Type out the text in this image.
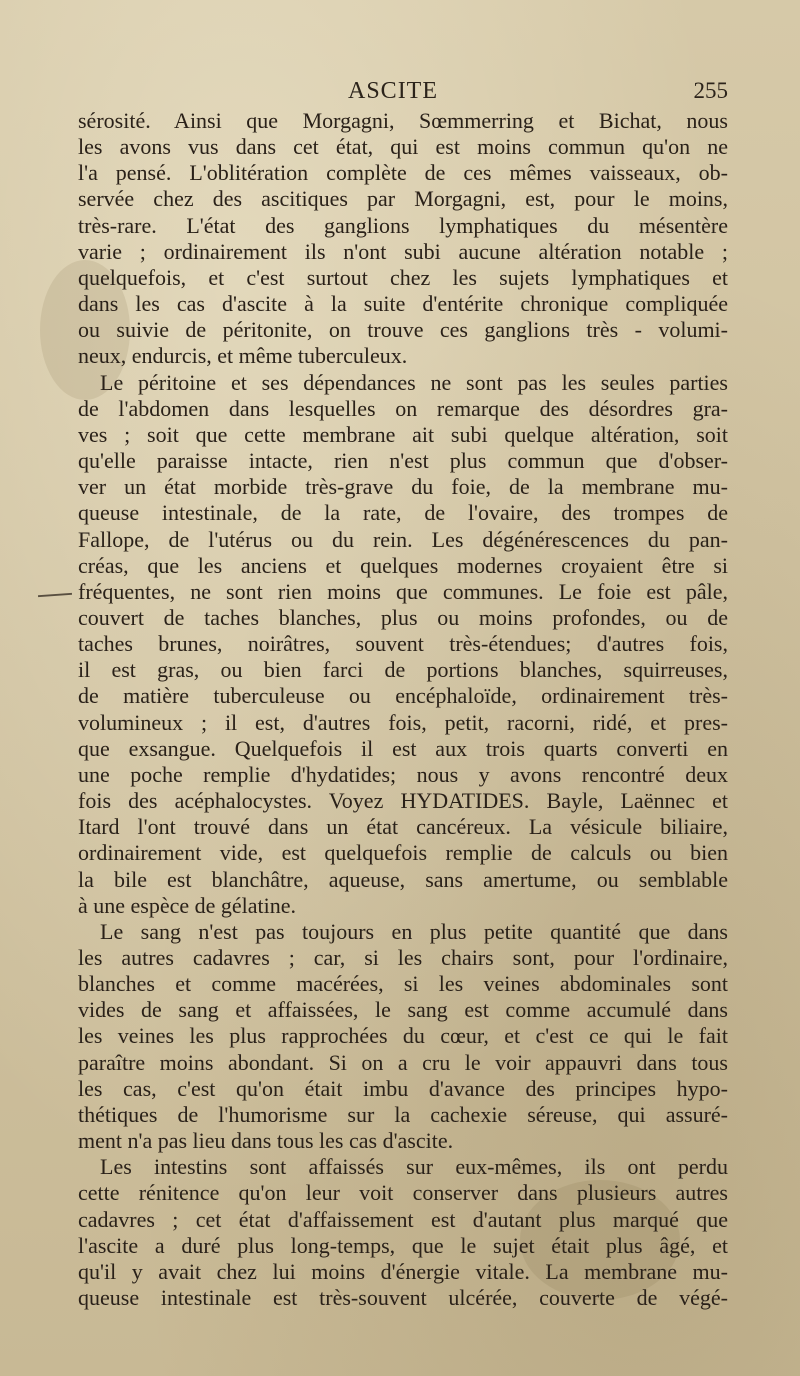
ASCITE	255
sérosité. Ainsi que Morgagni, Sœmmerring et Bichat, nous
les avons vus dans cet état, qui est moins commun qu'on ne
l'a pensé. L'oblitération complète de ces mêmes vaisseaux, ob-
servée chez des ascitiques par Morgagni, est, pour le moins,
très-rare. L'état des ganglions lymphatiques du mésentère
varie ; ordinairement ils n'ont subi aucune altération notable ;
quelquefois, et c'est surtout chez les sujets lymphatiques et
dans les cas d'ascite à la suite d'entérite chronique compliquée
ou suivie de péritonite, on trouve ces ganglions très - volumi-
neux, endurcis, et même tuberculeux.
Le péritoine et ses dépendances ne sont pas les seules parties
de l'abdomen dans lesquelles on remarque des désordres gra-
ves ; soit que cette membrane ait subi quelque altération, soit
qu'elle paraisse intacte, rien n'est plus commun que d'obser-
ver un état morbide très-grave du foie, de la membrane mu-
queuse intestinale, de la rate, de l'ovaire, des trompes de
Fallope, de l'utérus ou du rein. Les dégénérescences du pan-
créas, que les anciens et quelques modernes croyaient être si
fréquentes, ne sont rien moins que communes. Le foie est pâle,
couvert de taches blanches, plus ou moins profondes, ou de
taches brunes, noirâtres, souvent très-étendues; d'autres fois,
il est gras, ou bien farci de portions blanches, squirreuses,
de matière tuberculeuse ou encéphaloïde, ordinairement très-
volumineux ; il est, d'autres fois, petit, racorni, ridé, et pres-
que exsangue. Quelquefois il est aux trois quarts converti en
une poche remplie d'hydatides; nous y avons rencontré deux
fois des acéphalocystes. Voyez HYDATIDES. Bayle, Laënnec et
Itard l'ont trouvé dans un état cancéreux. La vésicule biliaire,
ordinairement vide, est quelquefois remplie de calculs ou bien
la bile est blanchâtre, aqueuse, sans amertume, ou semblable
à une espèce de gélatine.
Le sang n'est pas toujours en plus petite quantité que dans
les autres cadavres ; car, si les chairs sont, pour l'ordinaire,
blanches et comme macérées, si les veines abdominales sont
vides de sang et affaissées, le sang est comme accumulé dans
les veines les plus rapprochées du cœur, et c'est ce qui le fait
paraître moins abondant. Si on a cru le voir appauvri dans tous
les cas, c'est qu'on était imbu d'avance des principes hypo-
thétiques de l'humorisme sur la cachexie séreuse, qui assuré-
ment n'a pas lieu dans tous les cas d'ascite.
Les intestins sont affaissés sur eux-mêmes, ils ont perdu
cette rénitence qu'on leur voit conserver dans plusieurs autres
cadavres ; cet état d'affaissement est d'autant plus marqué que
l'ascite a duré plus long-temps, que le sujet était plus âgé, et
qu'il y avait chez lui moins d'énergie vitale. La membrane mu-
queuse intestinale est très-souvent ulcérée, couverte de végé-
